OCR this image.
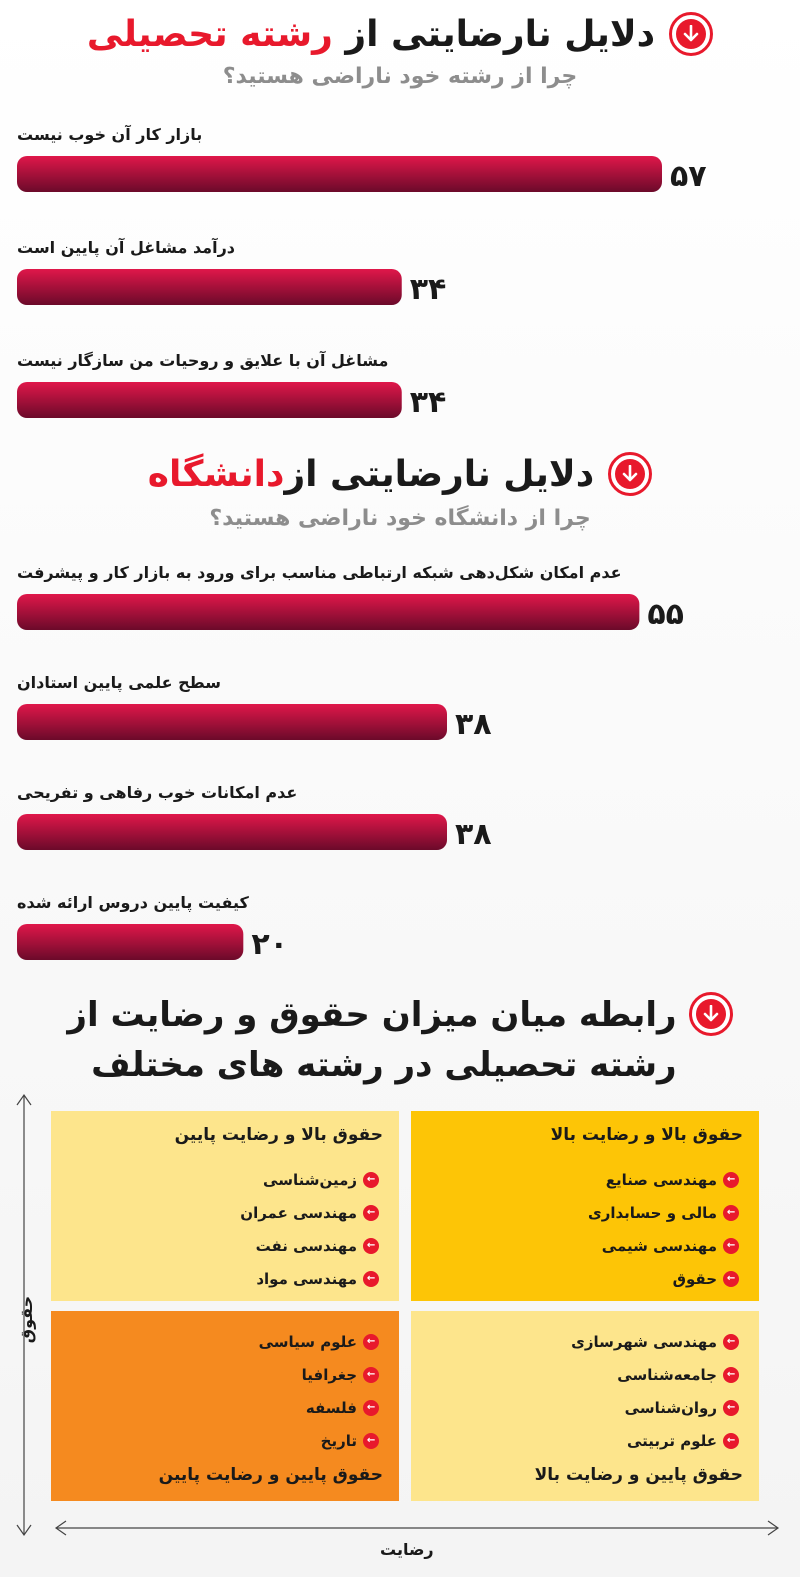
دلایل نارضایتی از رشته تحصیلی
چرا از رشته خود ناراضی هستید؟
بازار کار آن خوب نیست
۵۷
درآمد مشاغل آن پایین است
۳۴
مشاغل آن با علایق و روحیات من سازگار نیست
۳۴
دلایل نارضایتی ازدانشگاه
چرا از دانشگاه خود ناراضی هستید؟
عدم امکان شکل‌دهی شبکه ارتباطی مناسب برای ورود به بازار کار و پیشرفت
۵۵
سطح علمی پایین استادان
۳۸
عدم امکانات خوب رفاهی و تفریحی
۳۸
کیفیت پایین دروس ارائه شده
۲۰
رابطه میان میزان حقوق و رضایت از
رشته تحصیلی در رشته های مختلف
حقوق
رضایت
حقوق بالا و رضایت بالا
←
مهندسی صنایع
←
مالی و حسابداری
←
مهندسی شیمی
←
حقوق
حقوق بالا و رضایت پایین
←
زمین‌شناسی
←
مهندسی عمران
←
مهندسی نفت
←
مهندسی مواد
←
مهندسی شهرسازی
←
جامعه‌شناسی
←
روان‌شناسی
←
علوم تربیتی
حقوق پایین و رضایت بالا
←
علوم سیاسی
←
جغرافیا
←
فلسفه
←
تاریخ
حقوق پایین و رضایت پایین
